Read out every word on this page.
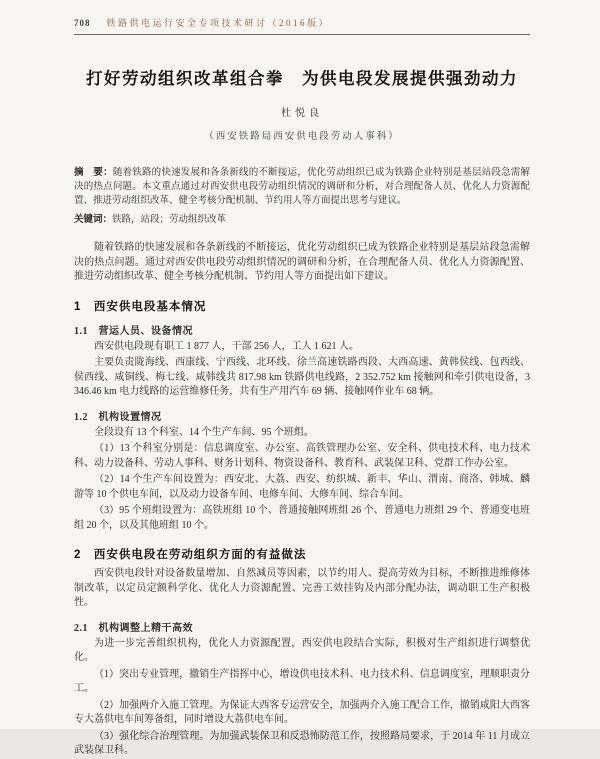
708 铁路供电运行安全专项技术研讨（2016版）
打好劳动组织改革组合拳　为供电段发展提供强劲动力
杜悦良
（西安铁路局西安供电段劳动人事科）

摘　要：随着铁路的快速发展和各条新线的不断接运，优化劳动组织已成为铁路企业特别是基层站段急需解决的热点问题。本文重点通过对西安供电段劳动组织情况的调研和分析，对合理配备人员、优化人力资源配置、推进劳动组织改革、健全考核分配机制、节约用人等方面提出思考与建议。

关键词：铁路，站段；劳动组织改革

随着铁路的快速发展和各条新线的不断接运，优化劳动组织已成为铁路企业特别是基层站段急需解决的热点问题。通过对西安供电段劳动组织情况的调研和分析，在合理配备人员、优化人力资源配置、推进劳动组织改革、健全考核分配机制、节约用人等方面提出如下建议。

1　西安供电段基本情况
1.1　营运人员、设备情况

西安供电段现有职工 1 877 人，干部 256 人，工人 1 621 人。

主要负责陇海线、西康线、宁西线、北环线、徐兰高速铁路西段、大西高速、黄韩侯线、包西线、侯西线、咸铜线、梅七线、咸韩线共 817.98 km 铁路供电线路，2 352.752 km 接触网和牵引供电设备，3 346.46 km 电力线路的运营维修任务，共有生产用汽车 69 辆、接触网作业车 68 辆。

1.2　机构设置情况

全段设有 13 个科室、14 个生产车间、95 个班组。

（1）13 个科室分别是：信息调度室、办公室、高铁管理办公室、安全科、供电技术科、电力技术科、动力设备科、劳动人事科、财务计划科、物资设备科、教育科、武装保卫科、党群工作办公室。

（2）14 个生产车间设置为：西安北、大荔、西安、纺织城、新丰、华山、渭南、商洛、韩城、麟游等 10 个供电车间，以及动力设备车间、电修车间、大修车间、综合车间。

（3）95 个班组设置为：高铁班组 10 个、普通接触网班组 26 个、普通电力班组 29 个、普通变电班组 20 个，以及其他班组 10 个。

2　西安供电段在劳动组织方面的有益做法

西安供电段针对设备数量增加、自然减员等因素，以节约用人、提高劳效为目标，不断推进维修体制改革，以定员定额科学化、优化人力资源配置、完善工效挂钩及内部分配办法，调动职工生产积极性。

2.1　机构调整上精干高效

为进一步完善组织机构，优化人力资源配置，西安供电段结合实际，积极对生产组织进行调整优化。

（1）突出专业管理，撤销生产指挥中心，增设供电技术科、电力技术科、信息调度室，理顺职责分工。

（2）加强两介入施工管理。为保证大西客专运营安全，加强两介入施工配合工作，撤销咸阳大西客专大荔供电车间筹备组，同时增设大荔供电车间。

（3）强化综合治理管理。为加强武装保卫和反恐怖防范工作，按照路局要求，于 2014 年 11 月成立武装保卫科。
